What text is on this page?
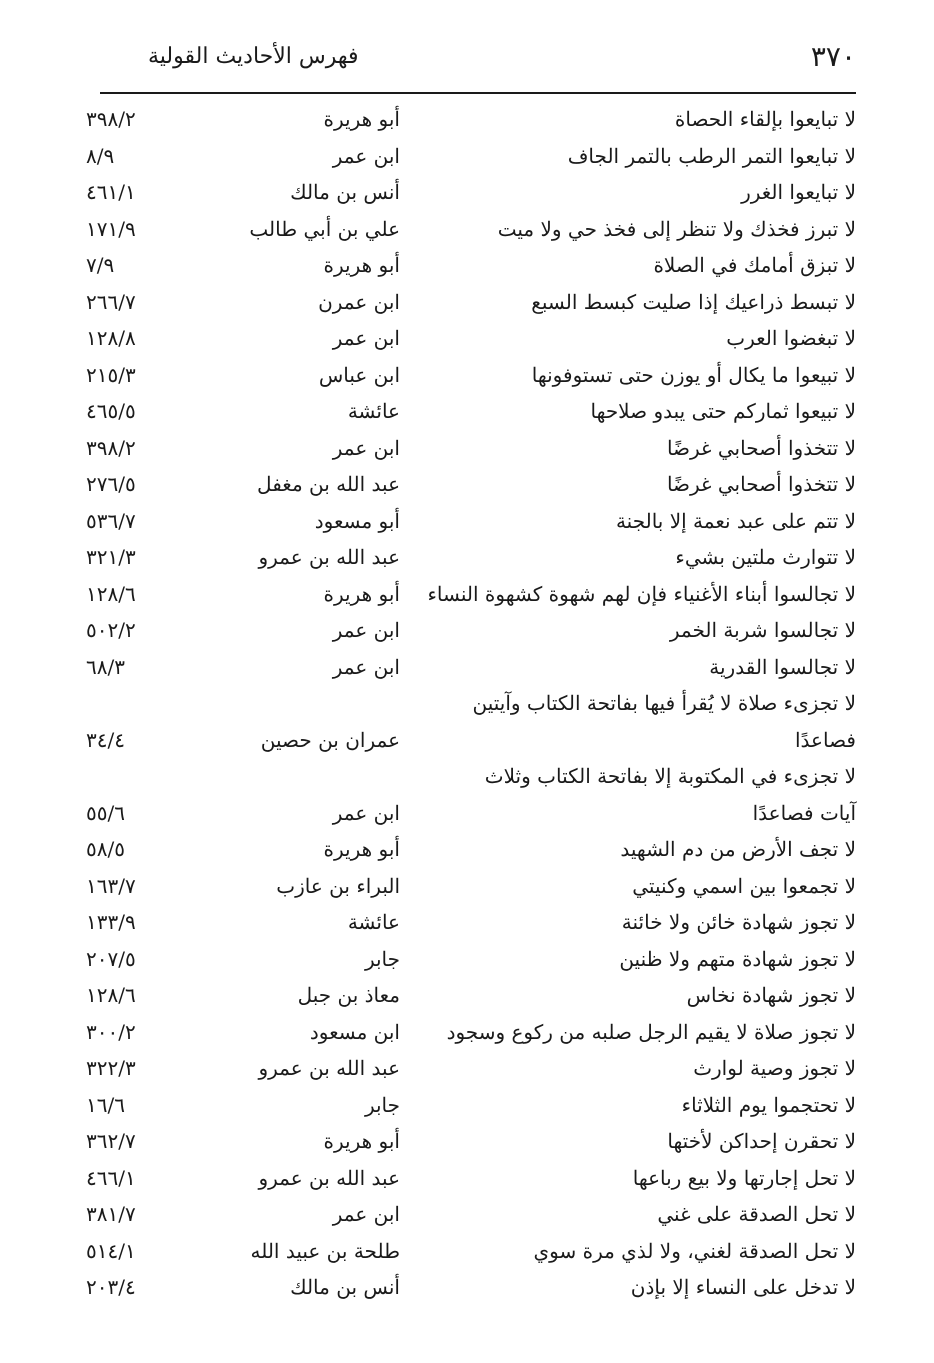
٣٧٠
فهرس الأحاديث القولية
لا تبايعوا بإلقاء الحصاة
أبو هريرة
٣٩٨/٢
لا تبايعوا التمر الرطب بالتمر الجاف
ابن عمر
٨/٩
لا تبايعوا الغرر
أنس بن مالك
٤٦١/١
لا تبرز فخذك ولا تنظر إلى فخذ حي ولا ميت
علي بن أبي طالب
١٧١/٩
لا تبزق أمامك في الصلاة
أبو هريرة
٧/٩
لا تبسط ذراعيك إذا صليت كبسط السبع
ابن عمرن
٢٦٦/٧
لا تبغضوا العرب
ابن عمر
١٢٨/٨
لا تبيعوا ما يكال أو يوزن حتى تستوفونها
ابن عباس
٢١٥/٣
لا تبيعوا ثماركم حتى يبدو صلاحها
عائشة
٤٦٥/٥
لا تتخذوا أصحابي غرضًا
ابن عمر
٣٩٨/٢
لا تتخذوا أصحابي غرضًا
عبد الله بن مغفل
٢٧٦/٥
لا تتم على عبد نعمة إلا بالجنة
أبو مسعود
٥٣٦/٧
لا تتوارث ملتين بشيء
عبد الله بن عمرو
٣٢١/٣
لا تجالسوا أبناء الأغنياء فإن لهم شهوة كشهوة النساء
أبو هريرة
١٢٨/٦
لا تجالسوا شربة الخمر
ابن عمر
٥٠٢/٢
لا تجالسوا القدرية
ابن عمر
٦٨/٣
لا تجزىء صلاة لا يُقرأ فيها بفاتحة الكتاب وآيتين
فصاعدًا
عمران بن حصين
٣٤/٤
لا تجزىء في المكتوبة إلا بفاتحة الكتاب وثلاث
آيات فصاعدًا
ابن عمر
٥٥/٦
لا تجف الأرض من دم الشهيد
أبو هريرة
٥٨/٥
لا تجمعوا بين اسمي وكنيتي
البراء بن عازب
١٦٣/٧
لا تجوز شهادة خائن ولا خائنة
عائشة
١٣٣/٩
لا تجوز شهادة متهم ولا ظنين
جابر
٢٠٧/٥
لا تجوز شهادة نخاس
معاذ بن جبل
١٢٨/٦
لا تجوز صلاة لا يقيم الرجل صلبه من ركوع وسجود
ابن مسعود
٣٠٠/٢
لا تجوز وصية لوارث
عبد الله بن عمرو
٣٢٢/٣
لا تحتجموا يوم الثلاثاء
جابر
١٦/٦
لا تحقرن إحداكن لأختها
أبو هريرة
٣٦٢/٧
لا تحل إجارتها ولا بيع رباعها
عبد الله بن عمرو
٤٦٦/١
لا تحل الصدقة على غني
ابن عمر
٣٨١/٧
لا تحل الصدقة لغني، ولا لذي مرة سوي
طلحة بن عبيد الله
٥١٤/١
لا تدخل على النساء إلا بإذن
أنس بن مالك
٢٠٣/٤
